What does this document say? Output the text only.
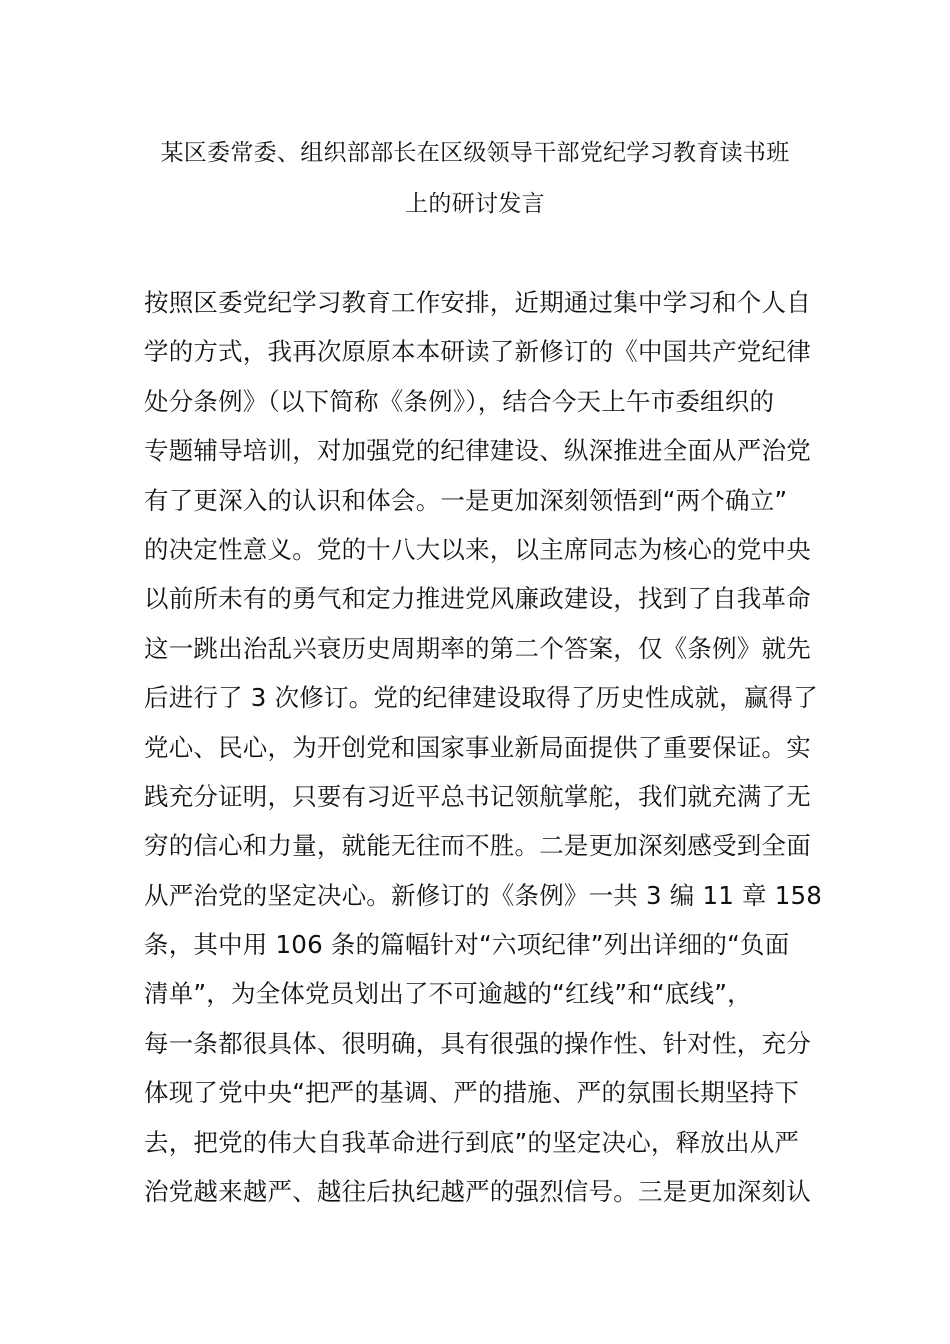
某区委常委、组织部部长在区级领导干部党纪学习教育读书班
上的研讨发言
按照区委党纪学习教育工作安排，近期通过集中学习和个人自
学的方式，我再次原原本本研读了新修订的《中国共产党纪律
处分条例》（以下简称《条例》），结合今天上午市委组织的
专题辅导培训，对加强党的纪律建设、纵深推进全面从严治党
有了更深入的认识和体会。一是更加深刻领悟到“两个确立”
的决定性意义。党的十八大以来，以主席同志为核心的党中央
以前所未有的勇气和定力推进党风廉政建设，找到了自我革命
这一跳出治乱兴衰历史周期率的第二个答案，仅《条例》就先
后进行了 3 次修订。党的纪律建设取得了历史性成就，赢得了
党心、民心，为开创党和国家事业新局面提供了重要保证。实
践充分证明，只要有习近平总书记领航掌舵，我们就充满了无
穷的信心和力量，就能无往而不胜。二是更加深刻感受到全面
从严治党的坚定决心。新修订的《条例》一共 3 编 11 章 158
条，其中用 106 条的篇幅针对“六项纪律”列出详细的“负面
清单”，为全体党员划出了不可逾越的“红线”和“底线”，
每一条都很具体、很明确，具有很强的操作性、针对性，充分
体现了党中央“把严的基调、严的措施、严的氛围长期坚持下
去，把党的伟大自我革命进行到底”的坚定决心，释放出从严
治党越来越严、越往后执纪越严的强烈信号。三是更加深刻认
